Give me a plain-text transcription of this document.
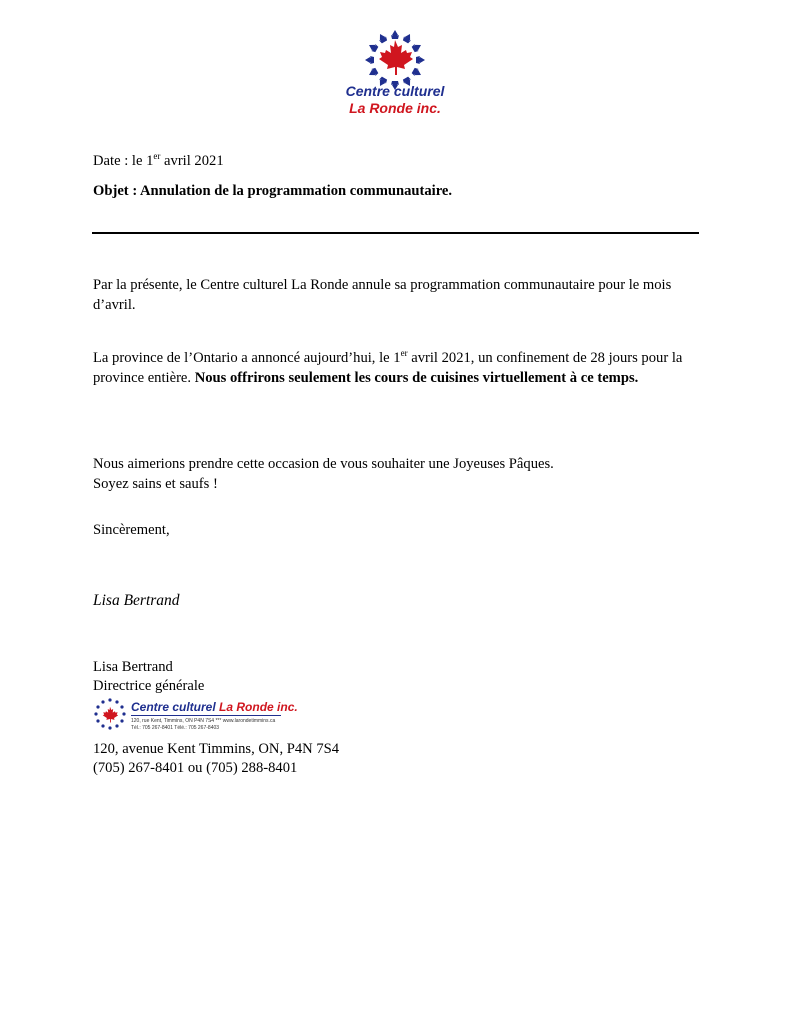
Centre culturel
La Ronde inc.
Date : le 1er avril 2021
Objet : Annulation de la programmation communautaire.
Par la présente, le Centre culturel La Ronde annule sa programmation communautaire pour le mois d’avril.
La province de l’Ontario a annoncé aujourd’hui, le 1er avril 2021, un confinement de 28 jours pour la province entière. Nous offrirons seulement les cours de cuisines virtuellement à ce temps.
Nous aimerions prendre cette occasion de vous souhaiter une Joyeuses Pâques.
Soyez sains et saufs !
Sincèrement,
Lisa Bertrand
Lisa Bertrand
Directrice générale
Centre culturel La Ronde inc.
120, rue Kent, Timmins, ON P4N 7S4 *** www.larondetimmins.ca
Tél.: 705 267-8401 Télé.: 705 267-8403
120, avenue Kent Timmins, ON, P4N 7S4
(705) 267-8401 ou (705) 288-8401
